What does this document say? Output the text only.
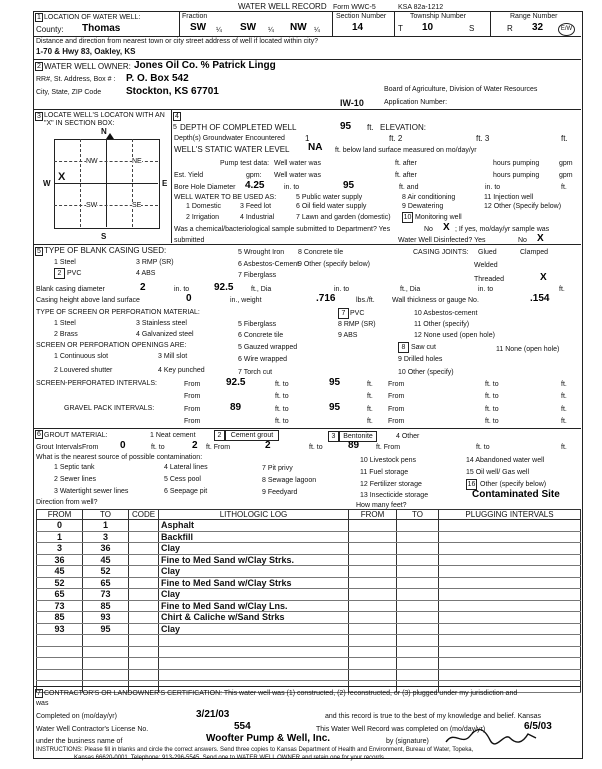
WATER WELL RECORD Form WWC-5	KSA 82a-1212
1 LOCATION OF WATER WELL:
County: Thomas
Fraction
SW ¼ SW ¼ NW ¼
Section Number
14
Township Number
T 10	S
Range Number
R 32	E/W
Distance and direction from nearest town or city street address of well if located within city?
1-70 & Hwy 83, Oakley, KS
2 WATER WELL OWNER: Jones Oil Co. % Patrick Lingg
RR#, St. Address, Box # : P. O. Box 542
City, State, ZIP Code Stockton, KS 67701	Board of Agriculture, Division of Water Resources
Application Number:
IW-10
3 LOCATE WELL'S LOCATON WITH AN "X" IN SECTION BOX:
N
S
W	E
NW	NE
SW	SE
X
4
5 DEPTH OF COMPLETED WELL	95 ft. ELEVATION:
Depth(s) Groundwater Encountered	1	ft. 2	ft. 3	ft.
WELL'S STATIC WATER LEVEL NA ft. below land surface measured on mo/day/yr
Pump test data: Well water was	ft. after	hours pumping	gpm
Est. Yield	gpm: Well water was	ft. after	hours pumping	gpm
Bore Hole Diameter 4.25	in. to	95	ft. and	in. to	ft.
WELL WATER TO BE USED AS:	5 Public water supply	8 Air conditioning	11 Injection well
1 Domestic	3 Feed lot	6 Oil field water supply	9 Dewatering	12 Other (Specify below)
2 Irrigation	4 Industrial	7 Lawn and garden (domestic) 10 Monitoring well
Was a chemical/bacteriological sample submitted to Department? Yes	No X ; If yes, mo/day/yr sample was
submitted	Water Well Disinfected? Yes	No X
5 TYPE OF BLANK CASING USED:	5 Wrought Iron 8 Concrete tile	CASING JOINTS: Glued	Clamped
1 Steel	3 RMP (SR)	6 Asbestos-Cement
9 Other (specify below)	Welded
2 PVC	4 ABS	7 Fiberglass
Threaded	X
Blank casing diameter	2	in. to 92.5	ft., Dia	in. to	ft., Dia	in. to	ft.
Casing height above land surface	0	in., weight	.716	lbs./ft. Wall thickness or gauge No.	.154
TYPE OF SCREEN OR PERFORATION MATERIAL:	7 PVC	10 Asbestos-cement
1 Steel	3 Stainless steel	5 Fiberglass	8 RMP (SR)	11 Other (specify)
2 Brass	4 Galvanized steel	6 Concrete tile	9 ABS	12 None used (open hole)
SCREEN OR PERFORATION OPENINGS ARE:	5 Gauzed wrapped	8 Saw cut	11 None (open hole)
1 Continuous slot	3 Mill slot	6 Wire wrapped	9 Drilled holes
2 Louvered shutter	4 Key punched	7 Torch cut	10 Other (specify)
SCREEN-PERFORATED INTERVALS:	From	92.5	ft. to	95	ft. From	ft. to	ft.
From	ft. to	ft. From	ft. to	ft.
GRAVEL PACK INTERVALS:	From	89	ft. to	95	ft. From	ft. to	ft.
From	ft. to	ft. From	ft. to	ft.
6 GROUT MATERIAL:	1 Neat cement	2	Cement grout	3	Bentonite	4 Other
Grout Intervals From 0	ft. to	2 ft. From	2	ft. to	89 ft. From	ft. to	ft.
What is the nearest source of possible contamination:
1 Septic tank	4 Lateral lines	7 Pit privy
10 Livestock pens	14 Abandoned water well
2 Sewer lines	5 Cess pool	8 Sewage lagoon
11 Fuel storage	15 Oil well/ Gas well
3 Watertight sewer lines	6 Seepage pit	9 Feedyard
12 Fertilizer storage	16 Other (specify below)
13 Insecticide storage	Contaminated Site
Direction from well?	How many feet?
FROM	TO	CODE	LITHOLOGIC LOG	FROM	TO	PLUGGING INTERVALS
0	1		Asphalt			
1	3		Backfill			
3	36		Clay			
36	45		Fine to Med Sand w/Clay Strks.			
45	52		Clay			
52	65		Fine to Med Sand w/Clay Strks			
65	73		Clay			
73	85		Fine to Med Sand w/Clay Lns.			
85	93		Chirt & Caliche w/Sand Strks			
93	95		Clay			

7 CONTRACTOR'S OR LANDOWNER'S CERTIFICATION: This water well was (1) constructed, (2) reconstructed, or (3) plugged under my jurisdiction and
was
Completed on (mo/day/yr)	3/21/03	and this record is true to the best of my knowledge and belief. Kansas
Water Well Contractor's License No.	554	This Water Well Record was completed on (mo/day/yr)	6/5/03
under the business name of	Woofter Pump & Well, Inc.	by (signature)
INSTRUCTIONS: Please fill in blanks and circle the correct answers. Send three copies to Kansas Department of Health and Environment, Bureau of Water, Topeka,
Kansas 66620-0001. Telephone: 913-296-5545. Send one to WATER WELL OWNER and retain one for your records.
